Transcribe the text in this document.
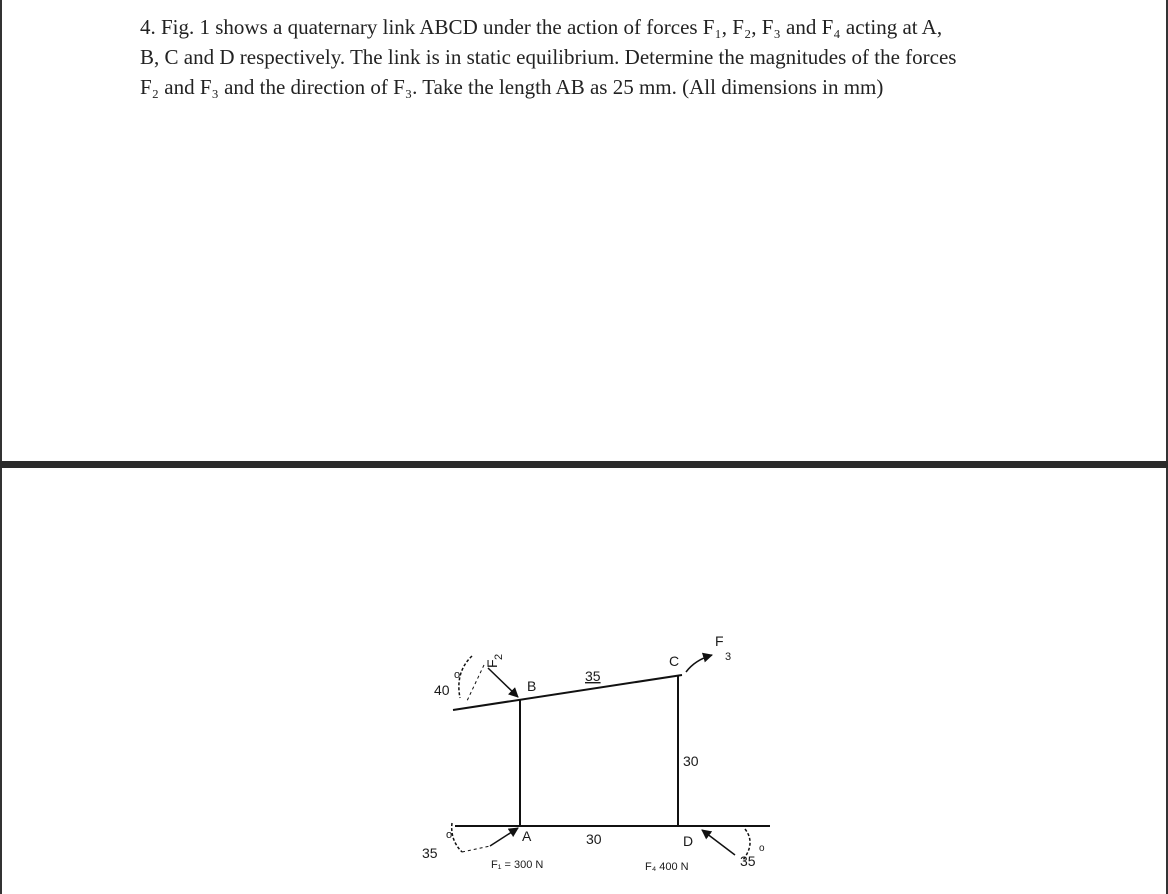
4. Fig. 1 shows a quaternary link ABCD under the action of forces F₁, F₂, F₃ and F₄ acting at A,

B, C and D respectively. The link is in static equilibrium. Determine the magnitudes of the forces

F₂ and F₃ and the direction of F₃. Take the length AB as 25 mm. (All dimensions in mm)

B
C
A	D
35
30
30
40
o
35
o
35
o
F
2
F
3
F₁ = 300 N	F₄ 400 N
